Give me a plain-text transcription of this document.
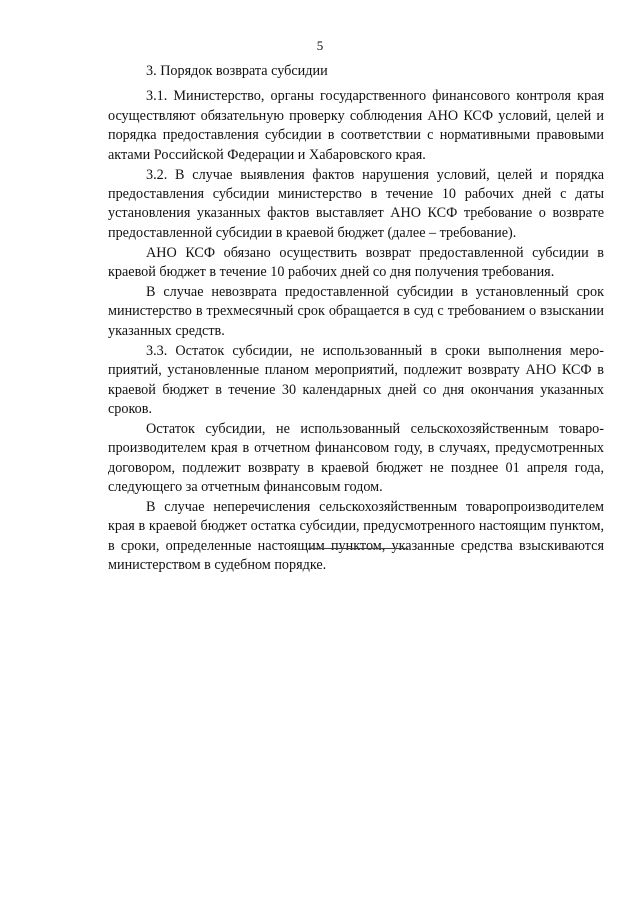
5
3. Порядок возврата субсидии

3.1. Министерство, органы государственного финансового контроля края осуществляют обязательную проверку соблюдения АНО КСФ условий, целей и порядка предоставления субсидии в соответствии с нормативными правовыми актами Российской Федерации и Хабаровского края.

3.2. В случае выявления фактов нарушения условий, целей и порядка предоставления субсидии министерство в течение 10 рабочих дней с даты установления указанных фактов выставляет АНО КСФ требование о возврате предоставленной субсидии в краевой бюджет (далее – требование).

АНО КСФ обязано осуществить возврат предоставленной субсидии в краевой бюджет в течение 10 рабочих дней со дня получения требования.

В случае невозврата предоставленной субсидии в установленный срок министерство в трехмесячный срок обращается в суд с требованием о взыскании указанных средств.

3.3. Остаток субсидии, не использованный в сроки выполнения мероприятий, установленные планом мероприятий, подлежит возврату АНО КСФ в краевой бюджет в течение 30 календарных дней со дня окончания указанных сроков.

Остаток субсидии, не использованный сельскохозяйственным товаропроизводителем края в отчетном финансовом году, в случаях, предусмотренных договором, подлежит возврату в краевой бюджет не позднее 01 апреля года, следующего за отчетным финансовым годом.

В случае неперечисления сельскохозяйственным товаропроизводителем края в краевой бюджет остатка субсидии, предусмотренного настоящим пунктом, в сроки, определенные настоящим пунктом, указанные средства взыскиваются министерством в судебном порядке.
